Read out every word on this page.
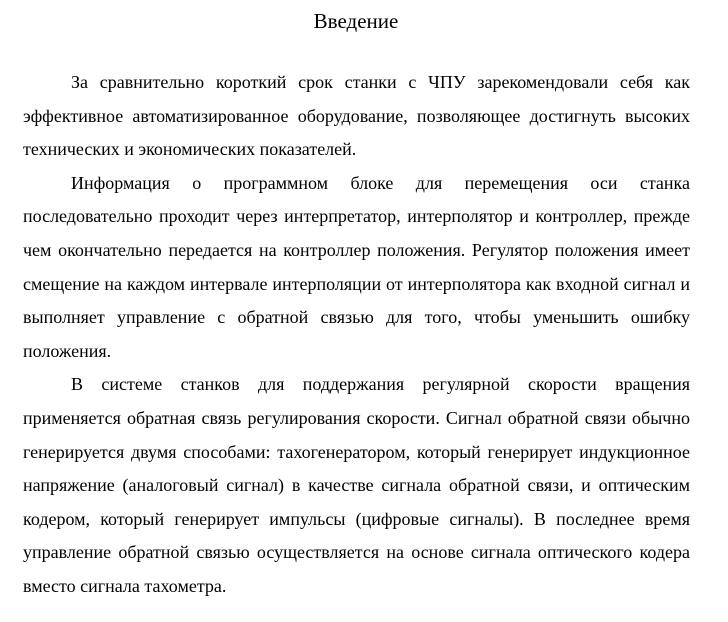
Введение

За сравнительно короткий срок станки с ЧПУ зарекомендовали себя как эффективное автоматизированное оборудование, позволяющее достигнуть высоких технических и экономических показателей.

Информация о программном блоке для перемещения оси станка последовательно проходит через интерпретатор, интерполятор и контроллер, прежде чем окончательно передается на контроллер положения. Регулятор положения имеет смещение на каждом интервале интерполяции от интерполятора как входной сигнал и выполняет управление с обратной связью для того, чтобы уменьшить ошибку положения.

В системе станков для поддержания регулярной скорости вращения применяется обратная связь регулирования скорости. Сигнал обратной связи обычно генерируется двумя способами: тахогенератором, который генерирует индукционное напряжение (аналоговый сигнал) в качестве сигнала обратной связи, и оптическим кодером, который генерирует импульсы (цифровые сигналы). В последнее время управление обратной связью осуществляется на основе сигнала оптического кодера вместо сигнала тахометра.
